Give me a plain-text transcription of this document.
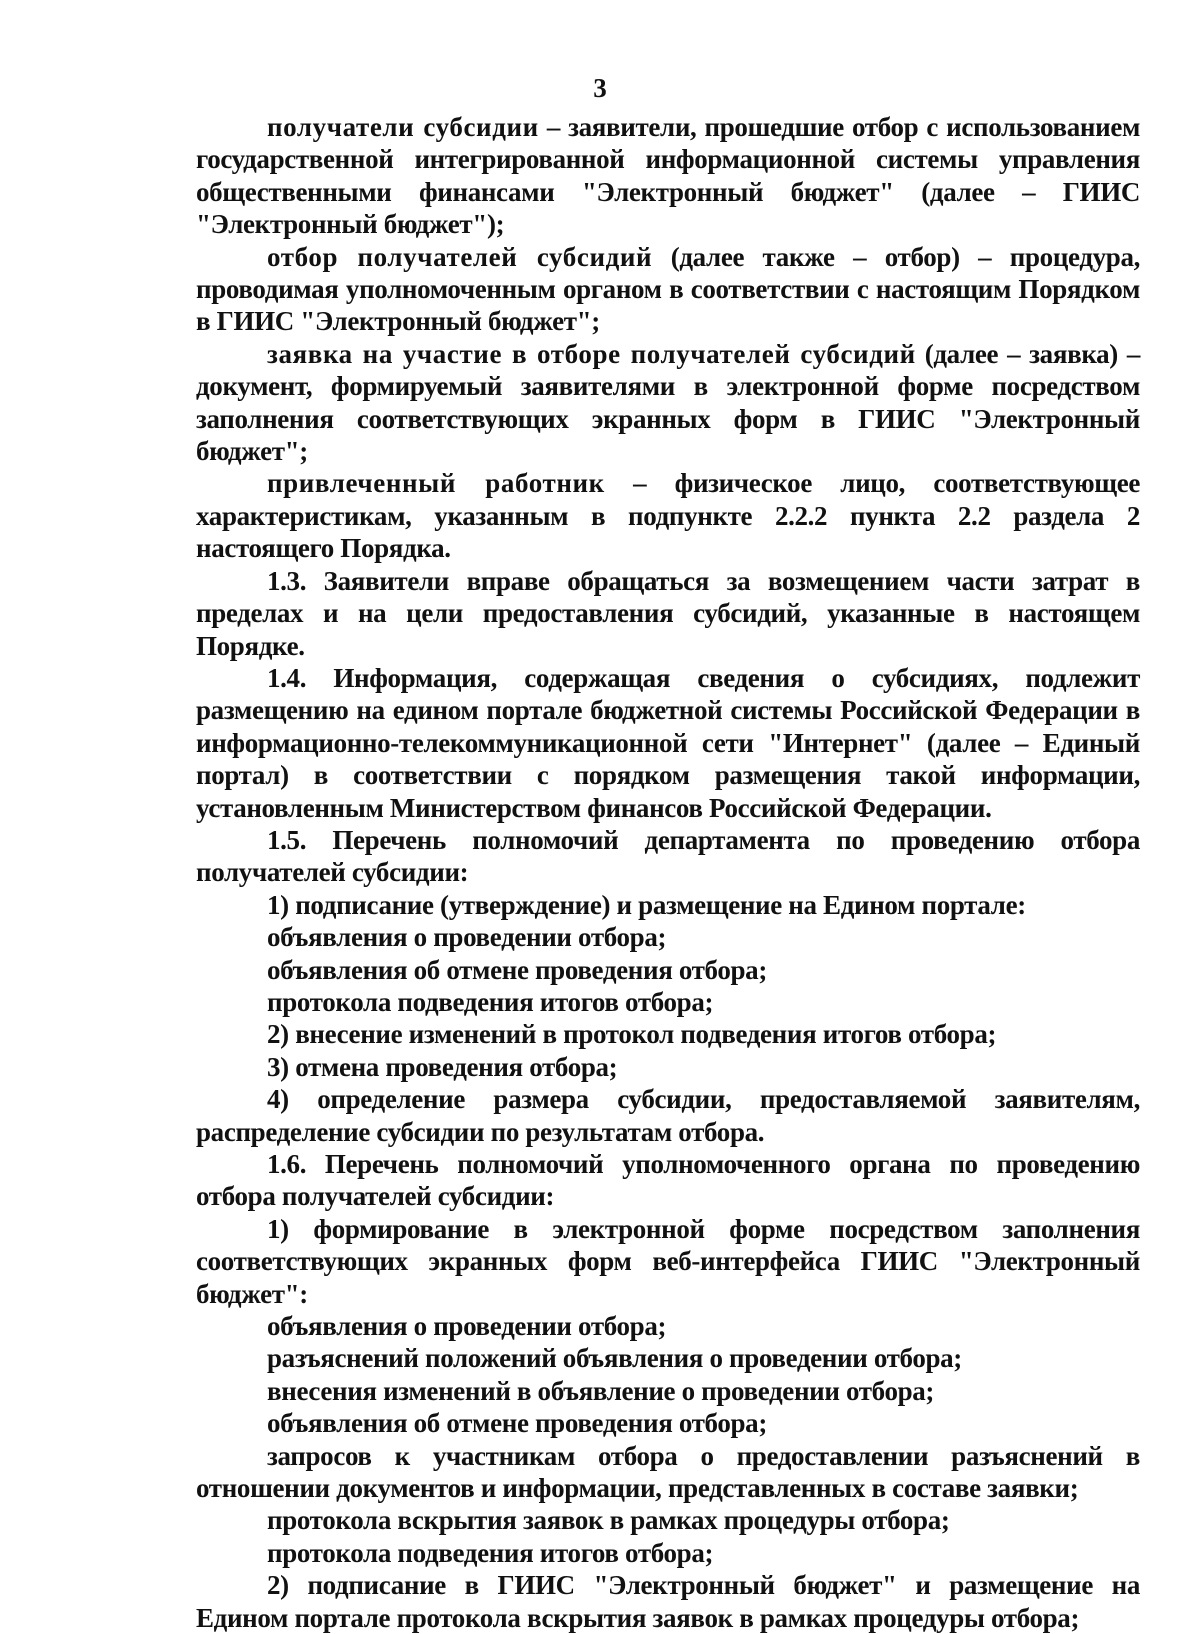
3

получатели субсидии – заявители, прошедшие отбор с использованием государственной интегрированной информационной системы управления общественными финансами "Электронный бюджет" (далее – ГИИС "Электронный бюджет");

отбор получателей субсидий (далее также – отбор) – процедура, проводимая уполномоченным органом в соответствии с настоящим Порядком в ГИИС "Электронный бюджет";

заявка на участие в отборе получателей субсидий (далее – заявка) – документ, формируемый заявителями в электронной форме посредством заполнения соответствующих экранных форм в ГИИС "Электронный бюджет";

привлеченный работник – физическое лицо, соответствующее характеристикам, указанным в подпункте 2.2.2 пункта 2.2 раздела 2 настоящего Порядка.

1.3. Заявители вправе обращаться за возмещением части затрат в пределах и на цели предоставления субсидий, указанные в настоящем Порядке.

1.4. Информация, содержащая сведения о субсидиях, подлежит размещению на едином портале бюджетной системы Российской Федерации в информационно-телекоммуникационной сети "Интернет" (далее – Единый портал) в соответствии с порядком размещения такой информации, установленным Министерством финансов Российской Федерации.

1.5. Перечень полномочий департамента по проведению отбора получателей субсидии:

1) подписание (утверждение) и размещение на Едином портале:

объявления о проведении отбора;

объявления об отмене проведения отбора;

протокола подведения итогов отбора;

2) внесение изменений в протокол подведения итогов отбора;

3) отмена проведения отбора;

4) определение размера субсидии, предоставляемой заявителям, распределение субсидии по результатам отбора.

1.6. Перечень полномочий уполномоченного органа по проведению отбора получателей субсидии:

1) формирование в электронной форме посредством заполнения соответствующих экранных форм веб-интерфейса ГИИС "Электронный бюджет":

объявления о проведении отбора;

разъяснений положений объявления о проведении отбора;

внесения изменений в объявление о проведении отбора;

объявления об отмене проведения отбора;

запросов к участникам отбора о предоставлении разъяснений в отношении документов и информации, представленных в составе заявки;

протокола вскрытия заявок в рамках процедуры отбора;

протокола подведения итогов отбора;

2) подписание в ГИИС "Электронный бюджет" и размещение на Едином портале протокола вскрытия заявок в рамках процедуры отбора;
